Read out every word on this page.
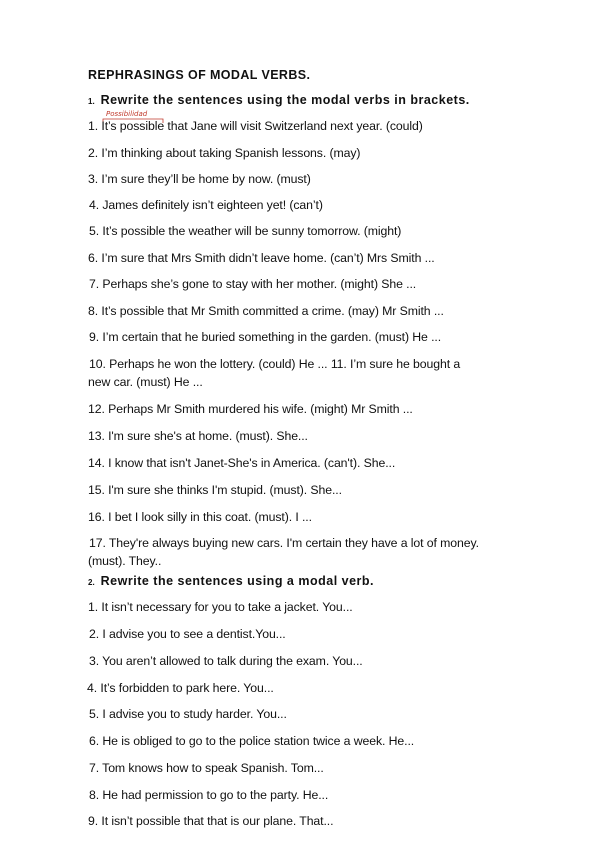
REPHRASINGS OF MODAL VERBS.
1. Rewrite the sentences using the modal verbs in brackets.
Possibilidad
1. It’s possible that Jane will visit Switzerland next year. (could)
2. I’m thinking about taking Spanish lessons. (may)
3. I’m sure they’ll be home by now. (must)
4. James definitely isn’t eighteen yet! (can’t)
5. It’s possible the weather will be sunny tomorrow. (might)
6. I’m sure that Mrs Smith didn’t leave home. (can’t) Mrs Smith ...
7. Perhaps she’s gone to stay with her mother. (might) She ...
8. It’s possible that Mr Smith committed a crime. (may) Mr Smith ...
9. I’m certain that he buried something in the garden. (must) He ...
10. Perhaps he won the lottery. (could) He ... 11. I’m sure he bought a
new car. (must) He ...
12. Perhaps Mr Smith murdered his wife. (might) Mr Smith ...
13. I'm sure she's at home. (must). She...
14. I know that isn't Janet-She's in America. (can't). She...
15. I'm sure she thinks I'm stupid. (must). She...
16. I bet I look silly in this coat. (must). I ...
17. They're always buying new cars. I'm certain they have a lot of money.
(must). They..
2. Rewrite the sentences using a modal verb.
1. It isn’t necessary for you to take a jacket. You...
2. I advise you to see a dentist.You...
3. You aren’t allowed to talk during the exam. You...
4. It’s forbidden to park here. You...
5. I advise you to study harder. You...
6. He is obliged to go to the police station twice a week. He...
7. Tom knows how to speak Spanish. Tom...
8. He had permission to go to the party. He...
9. It isn’t possible that that is our plane. That...
